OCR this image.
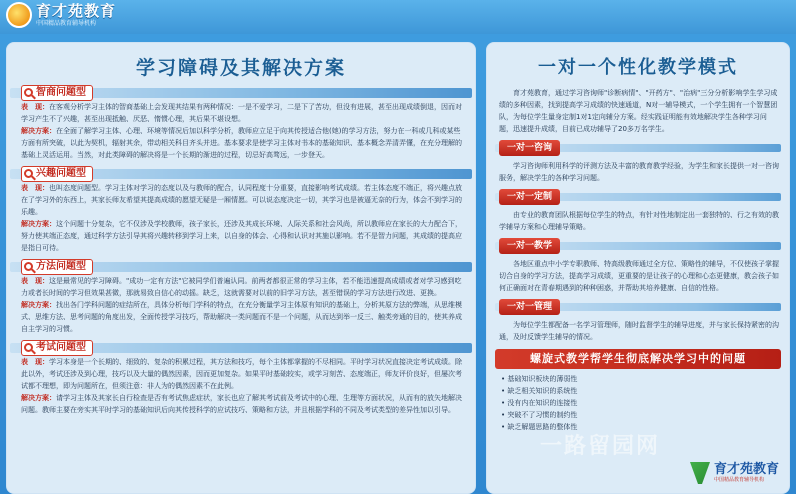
育才苑教育
中国精品教育辅导机构
学习障碍及其解决方案
智商问题型

表　现：在客观分析学习主体的智商基础上会发现其结果有两种情况：一是不爱学习，二是下了苦功，但没有进展，甚至出现成绩倒退，因而对学习产生不了兴趣，甚至出现抵触、厌恶、惰惯心理，其后果不堪设想。

解决方案：在全面了解学习主体、心理、环境等情况后加以科学分析，教师应立足于向其传授适合他(她)的学习方法，努力在一科或几科或某些方面有所突破，以此为契机，辐射其余，带动相关科目齐头并进。基本要求是使学习主体对书本的基础知识、基本概念弄清弄懂，在充分理解的基础上灵活运用。当然，对此类障碍的解决将是一个长期的渐进的过程，切忌好高骛远，一步登天。

兴趣问题型

表　现：也叫态度问题型。学习主体对学习的态度以及与教师的配合，认同程度十分重要，直接影响考试成绩。若主体态度不端正，将兴趣点放在了学习外的东西上，其家长师友希望其提高成绩的愿望无疑是一厢情愿。可以说态度决定一切，其学习也是被逼无奈的行为，体会不到学习的乐趣。

解决方案：这个问题十分复杂，它不仅涉及学校教师，孩子家长，还涉及其成长环境、人际关系和社会风尚，所以教师应在家长的大力配合下，努力使其端正态度，通过科学方法引导其将兴趣转移到学习上来，以自身的体会、心得和认识对其施以影响。若不是智力问题，其成绩的提高应是指日可待。

方法问题型

表　现：这是最常见的学习障碍。"成功一定有方法"它被同学们普遍认同。前两者都很正常的学习主体，若不能迅速提高成绩或者对学习感到吃力或者长时间的学习但效果甚微，那就易致自信心的动摇。缺乏，这就需要对以前的旧学习方法，甚至错误的学习方法进行改进、更换。

解决方案：找出各门学科问题的症结所在，具体分析每门学科的特点，在充分衡量学习主体原有知识的基础上，分析其原方法的弊端，从思维模式、思维方法、思考问题的角度出发，全面传授学习技巧，帮助解决一类问题而不是一个问题，从而达到举一反三、触类旁通的目的，使其养成自主学习的习惯。

考试问题型

表　现：学习本身是一个长期的、细致的、复杂的积累过程，其方法和技巧，每个主体都掌握的不尽相同。平时学习状况直接决定考试成绩。除此以外，考试还涉及到心理，技巧以及大量的偶然因素，因而更加复杂。如果平时基础较实，或学习刻苦、态度端正，师友评价良好，但屡次考试都不理想，即为问题所在，但须注意：非人为的偶然因素不在此例。

解决方案：请学习主体及其家长自行检查是否有考试焦虑症状，家长也应了解其考试前及考试中的心理、生理等方面状况，从而有的放矢地解决问题。教师主要在旁实其平时学习的基础知识后向其传授科学的应试技巧、策略和方法，并且根据学科的不同及考试类型的差异性加以引导。

一对一个性化教学模式

育才苑教育，通过学习咨询师"诊断病情"、"开药方"、"治病"三分分析影响学生学习成绩的多种因素，找到提高学习成绩的快速通道，N对一辅导模式，一个学生拥有一个智慧团队，为每位学生量身定制1对1定向辅分方案。经实践证明能有效地解决学生各种学习问题，迅速提升成绩，目前已成功辅导了20多万名学生。

一对一咨询

学习咨询师利用科学的评测方法及丰富的教育教学经验，为学生和家长提供一对一咨询服务，解决学生的各种学习问题。

一对一定制

由专业的教育团队根据每位学生的特点，有针对性地制定出一套独特的、行之有效的教学辅导方案和心理辅导策略。

一对一教学

各地区重点中小学专职教师、特高级教师通过全方位、策略性的辅导，不仅使孩子掌握切合自身的学习方法，提高学习成绩，更重要的是让孩子的心理和心态更健康，教会孩子如何正确面对在青春期遇到的种种困惑，并帮助其培养健康、自信的性格。

一对一管理

为每位学生都配备一名学习管理师，随时监督学生的辅导进度，并与家长保持紧密的沟通，及时反馈学生辅导的情况。

螺旋式教学帮学生彻底解决学习中的问题
• 基础知识板块的薄弱性
• 缺乏相关知识的系统性
• 没有内在知识的连接性
• 突破不了习惯的制约性
• 缺乏解题思路的整体性
一路留园网
育才苑教育
中国精品教育辅导机构
